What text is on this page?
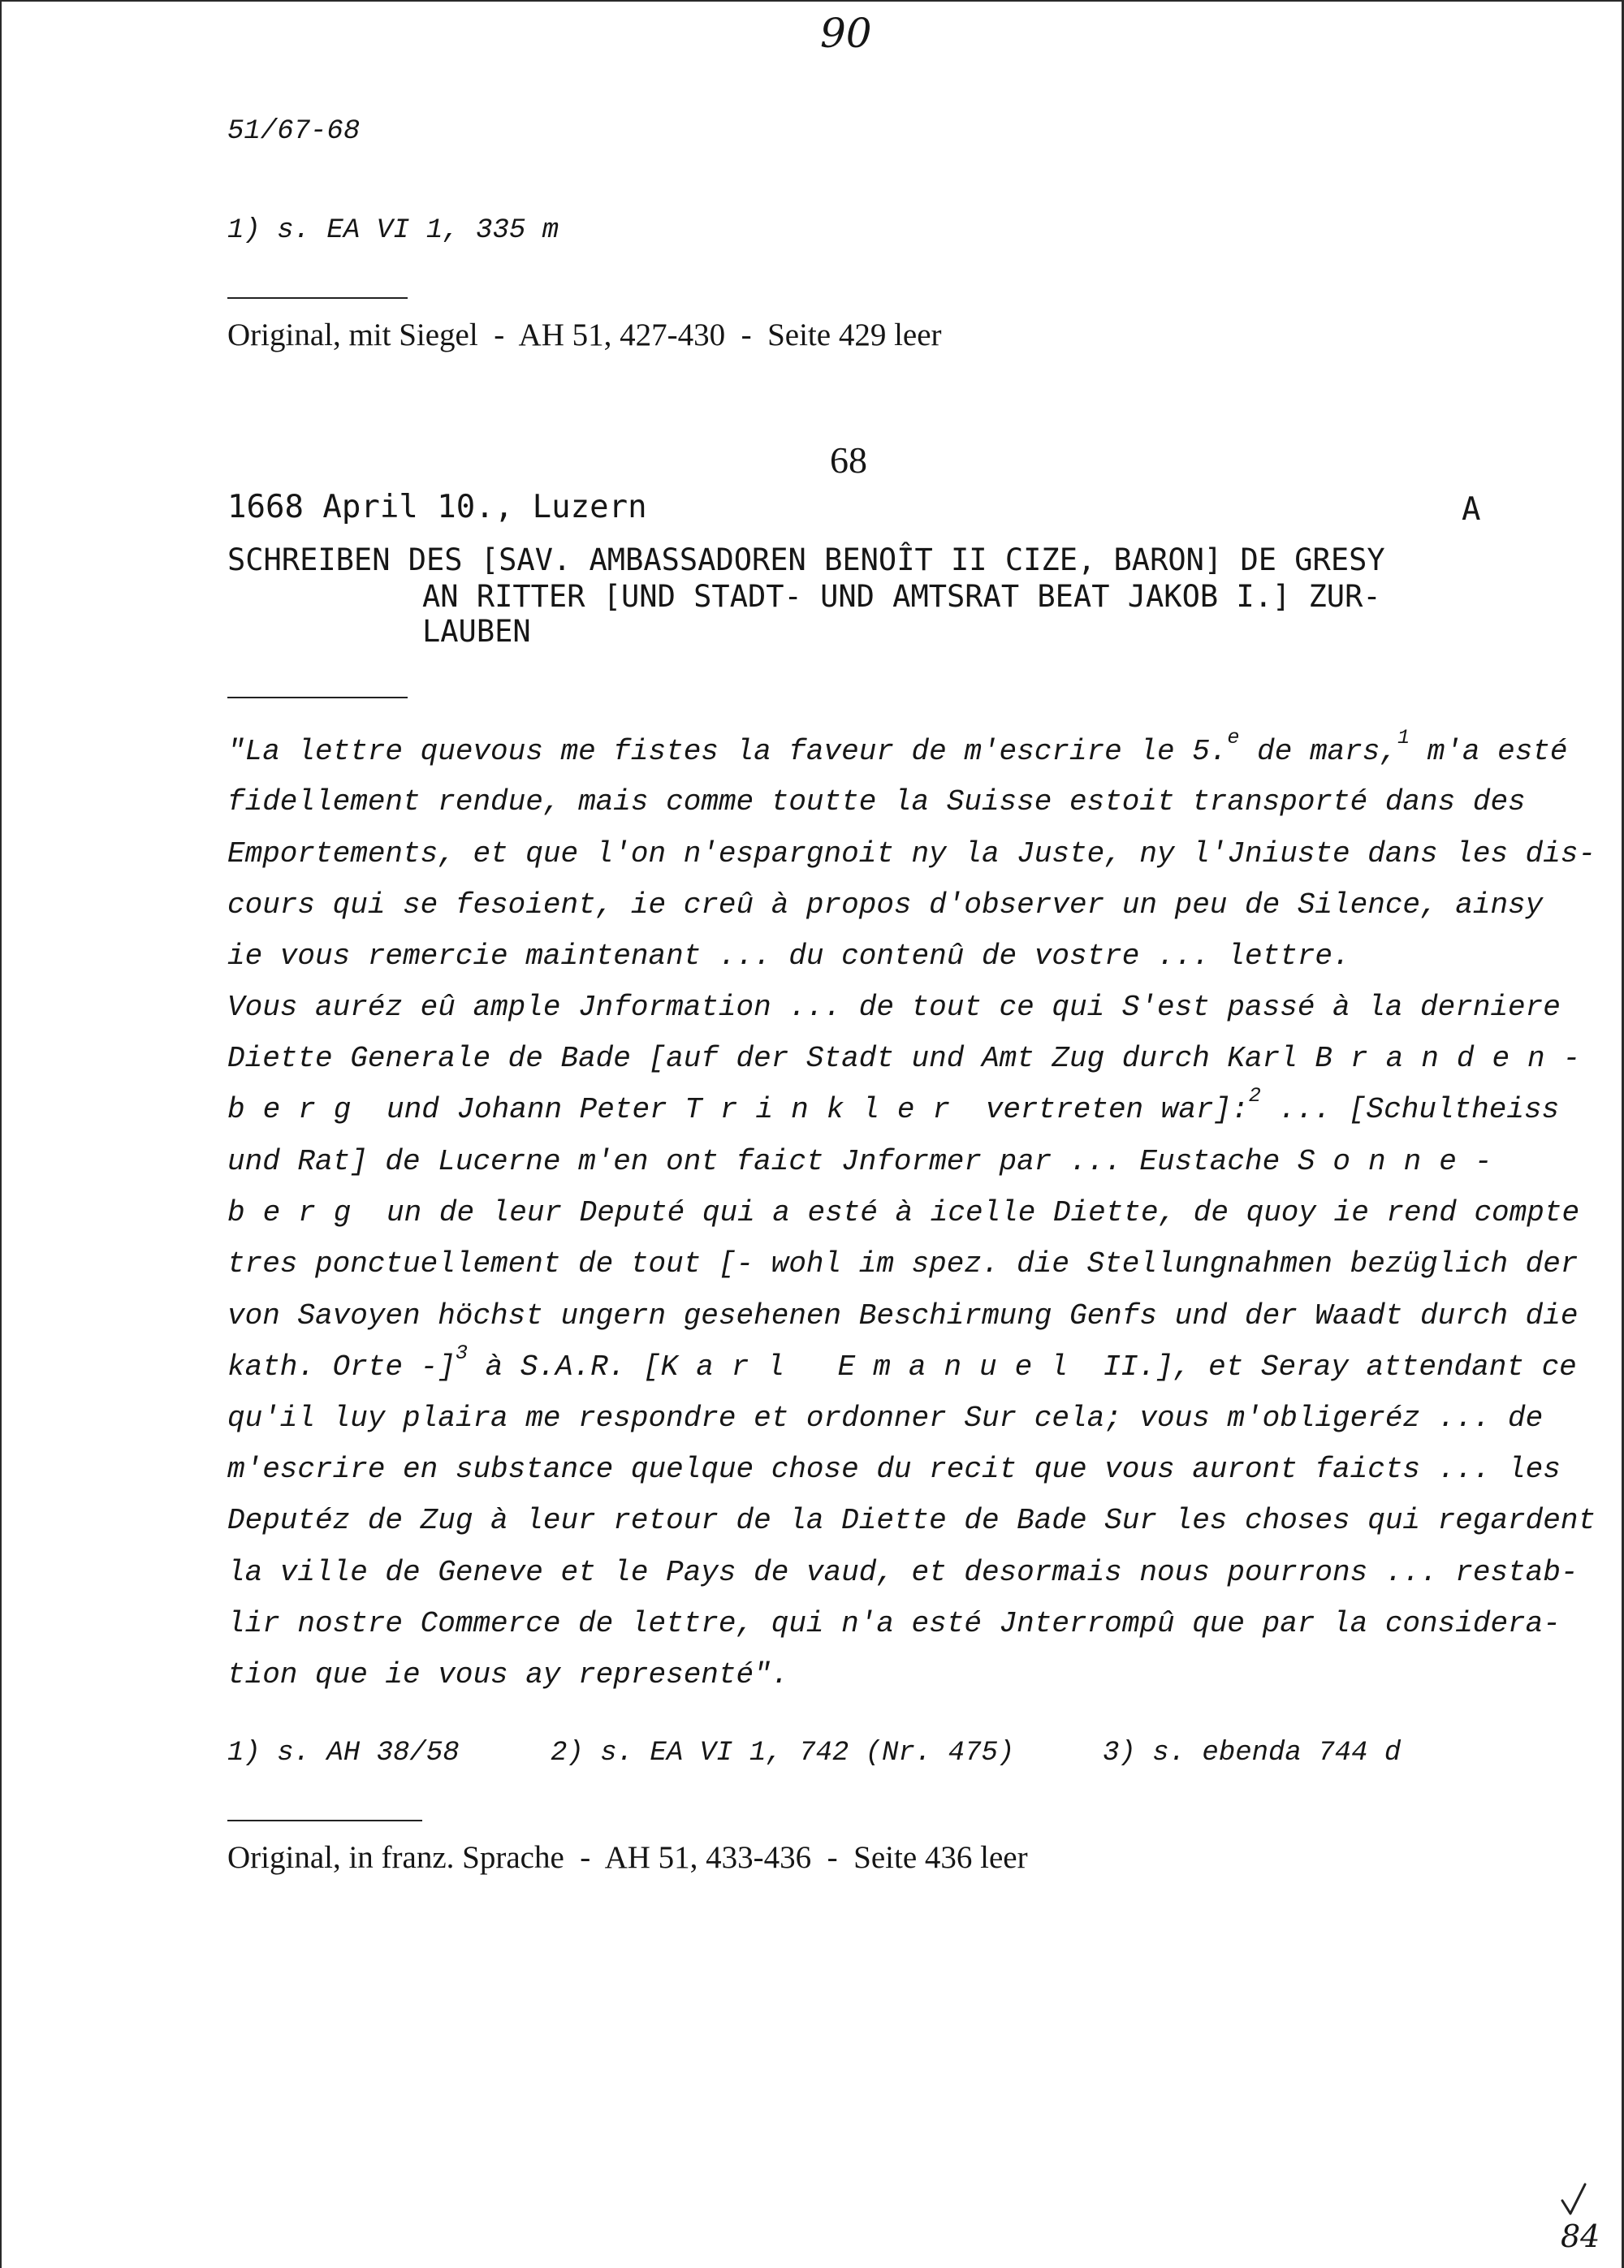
90
51/67-68
1) s. EA VI 1, 335 m
Original, mit Siegel  -  AH 51, 427-430  -  Seite 429 leer
68
1668 April 10., Luzern	A
SCHREIBEN DES [SAV. AMBASSADOREN BENOÎT II CIZE, BARON] DE GRESY
AN RITTER [UND STADT- UND AMTSRAT BEAT JAKOB I.] ZUR-
LAUBEN
"La lettre quevous me fistes la faveur de m'escrire le 5.$^e$ de mars,$^1$ m'a esté
fidellement rendue, mais comme toutte la Suisse estoit transporté dans des
Emportements, et que l'on n'espargnoit ny la Juste, ny l'Jniuste dans les dis-
cours qui se fesoient, ie creû à propos d'observer un peu de Silence, ainsy
ie vous remercie maintenant ... du contenû de vostre ... lettre.
Vous auréz eû ample Jnformation ... de tout ce qui S'est passé à la derniere
Diette Generale de Bade [auf der Stadt und Amt Zug durch Karl Branden-
berg und Johann Peter Trinkler vertreten war]:$^2$ ... [Schultheiss
und Rat] de Lucerne m'en ont faict Jnformer par ... Eustache Sonne-
berg un de leur Deputé qui a esté à icelle Diette, de quoy ie rend compte
tres ponctuellement de tout [- wohl im spez. die Stellungnahmen bezüglich der
von Savoyen höchst ungern gesehenen Beschirmung Genfs und der Waadt durch die
kath. Orte -]$^3$ à S.A.R. [Karl Emanuel II.], et Seray attendant ce
qu'il luy plaira me respondre et ordonner Sur cela; vous m'obligeréz ... de
m'escrire en substance quelque chose du recit que vous auront faicts ... les
Deputéz de Zug à leur retour de la Diette de Bade Sur les choses qui regardent
la ville de Geneve et le Pays de vaud, et desormais nous pourrons ... restab-
lir nostre Commerce de lettre, qui n'a esté Jnterrompû que par la considera-
tion que ie vous ay representé".
1) s. AH 38/58	2) s. EA VI 1, 742 (Nr. 475)	3) s. ebenda 744 d
Original, in franz. Sprache  -  AH 51, 433-436  -  Seite 436 leer
84
